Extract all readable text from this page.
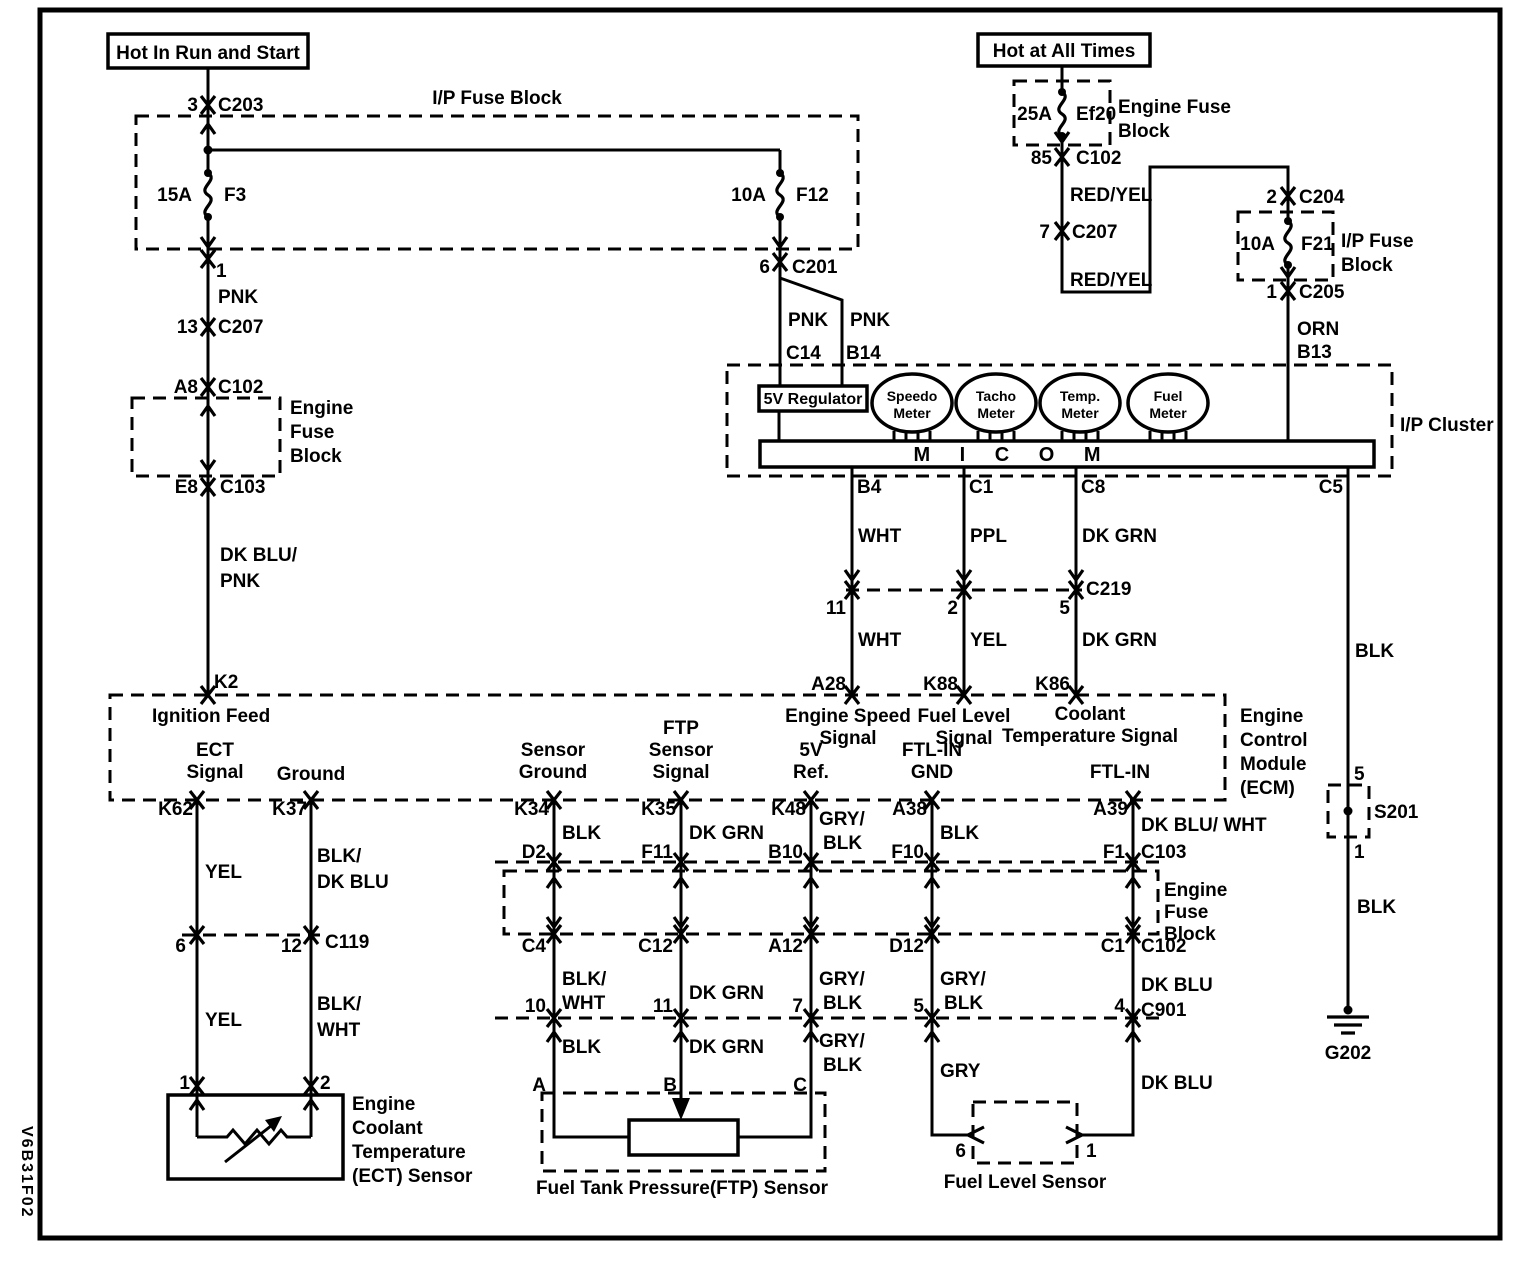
Hot In Run and Start
3 C203	I/P Fuse Block
15A F3	10A F12
1
PNK
13 C207
A8 C102
Engine
Fuse
Block
E8 C103
DK BLU/
PNK
K2
Hot at All Times
25A Ef20 Engine Fuse
Block
85 C102
RED/YEL
7 C207
RED/YEL
2 C204
10A F21 I/P Fuse
Block
1 C205
ORN
B13
6 C201
PNK PNK
C14 B14
5V Regulator Speedo
Meter
Tacho
Meter
Temp.
Meter
Fuel
Meter
M I C O M
I/P Cluster
B4	C1	C8	C5
WHT	PPL	DK GRN
11	2	5
C219
WHT	YEL	DK GRN
BLK
Ignition Feed
A28	K88	K86
Engine Speed
Signal
Fuel Level
Signal
Coolant
Temperature Signal
ECT
Signal Ground
Sensor
Ground
FTP
Sensor
Signal
5V
Ref.
FTL-IN
GND	FTL-IN
Engine
Control
Module
(ECM)
K62	K37	K34	K35	K48	A38	A39
YEL
BLK/
DK BLU
6	12 C119
YEL
BLK/
WHT
BLK	DK GRN
GRY/
BLK	BLK	DK BLU/ WHT
D2	F11	B10	F10	F1 C103
Engine
Fuse
Block
C4	C12	A12	D12	C1 C102
BLK/
WHT	DK GRN
GRY/
BLK
GRY/
BLK
DK BLU
10	11	7	5	4 C901
BLK	DK GRN	GRY/
BLK	GRY
DK BLU
A	B	C
1	2
Engine
Coolant
Temperature
(ECT) Sensor
Fuel Tank Pressure(FTP) Sensor
6	1
Fuel Level Sensor
5
S201
1
BLK
G202
V6B31F02
